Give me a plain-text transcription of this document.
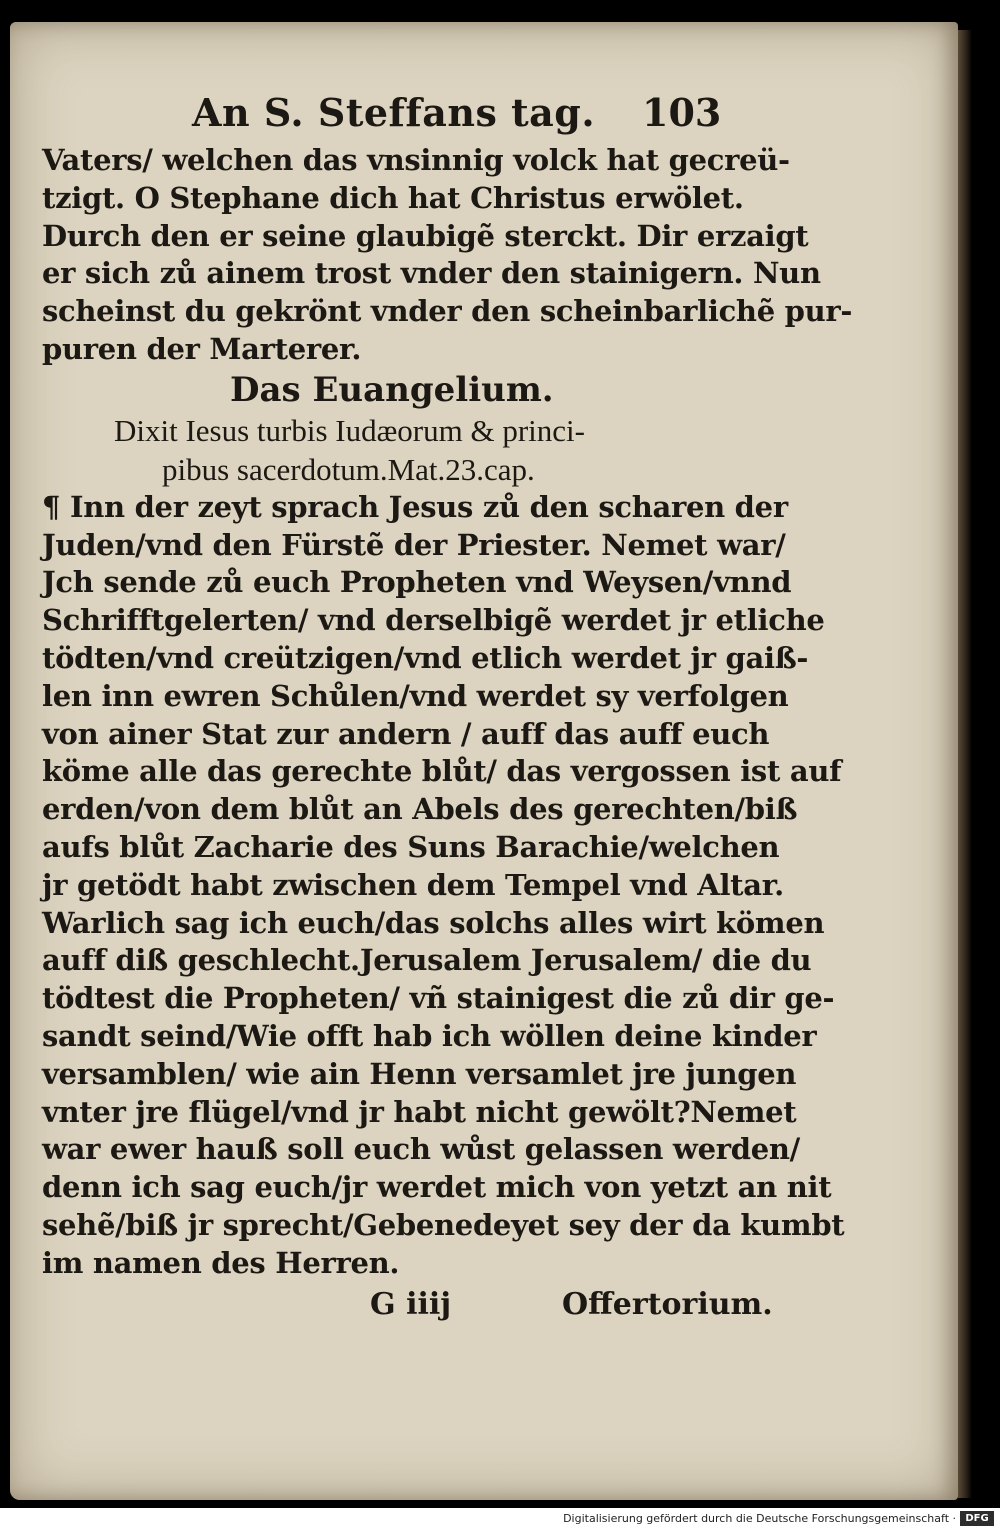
An S. Steffans tag. 103
Vaters/ welchen das vnsinnig volck hat gecreü-
tzigt. O Stephane dich hat Christus erwölet.
Durch den er seine glaubigẽ sterckt. Dir erzaigt
er sich zů ainem trost vnder den stainigern. Nun
scheinst du gekrönt vnder den scheinbarlichẽ pur-
puren der Marterer.
Das Euangelium.
Dixit Iesus turbis Iudæorum & princi-
pibus sacerdotum.Mat.23.cap.
¶ Inn der zeyt sprach Jesus zů den scharen der
Juden/vnd den Fürstẽ der Priester. Nemet war/
Jch sende zů euch Propheten vnd Weysen/vnnd
Schrifftgelerten/ vnd derselbigẽ werdet jr etliche
tödten/vnd creützigen/vnd etlich werdet jr gaiß-
len inn ewren Schůlen/vnd werdet sy verfolgen
von ainer Stat zur andern / auff das auff euch
köme alle das gerechte blůt/ das vergossen ist auf
erden/von dem blůt an Abels des gerechten/biß
aufs blůt Zacharie des Suns Barachie/welchen
jr getödt habt zwischen dem Tempel vnd Altar.
Warlich sag ich euch/das solchs alles wirt kömen
auff diß geschlecht.Jerusalem Jerusalem/ die du
tödtest die Propheten/ vñ stainigest die zů dir ge-
sandt seind/Wie offt hab ich wöllen deine kinder
versamblen/ wie ain Henn versamlet jre jungen
vnter jre flügel/vnd jr habt nicht gewölt?Nemet
war ewer hauß soll euch wůst gelassen werden/
denn ich sag euch/jr werdet mich von yetzt an nit
sehẽ/biß jr sprecht/Gebenedeyet sey der da kumbt
im namen des Herren.
G iiij	Offertorium.
Digitalisierung gefördert durch die Deutsche Forschungsgemeinschaft · DFG
